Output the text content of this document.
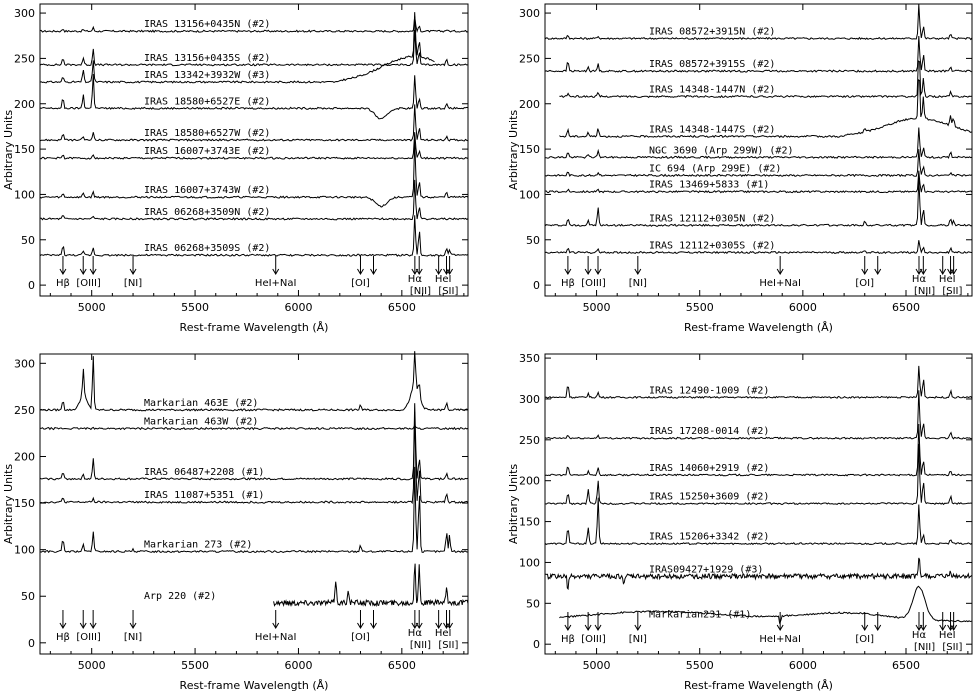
5000	5500	6000	6500
0
50
100
150
200
250
300
Rest-frame Wavelength (Å)
Arbitrary Units
IRAS 13156+0435N (#2)
IRAS 13156+0435S (#2)
IRAS 13342+3932W (#3)
IRAS 18580+6527E (#2)
IRAS 18580+6527W (#2)
IRAS 16007+3743E (#2)
IRAS 16007+3743W (#2)
IRAS 06268+3509N (#2)
IRAS 06268+3509S (#2)
Hβ [OIII] [NI]	HeI+NaI	[OI]	Hα
[NII]
HeI
[SII]
5000	5500	6000	6500
0
50
100
150
200
250
300
Rest-frame Wavelength (Å)
Arbitrary Units
IRAS 08572+3915N (#2)
IRAS 08572+3915S (#2)
IRAS 14348-1447N (#2)
IRAS 14348-1447S (#2)
NGC 3690 (Arp 299W) (#2)
IC 694 (Arp 299E) (#2)
IRAS 13469+5833 (#1)
IRAS 12112+0305N (#2)
IRAS 12112+0305S (#2)
Hβ [OIII] [NI]	HeI+NaI	[OI]	Hα
[NII]
HeI
[SII]
5000	5500	6000	6500
0
50
100
150
200
250
300
Rest-frame Wavelength (Å)
Arbitrary Units
Markarian 463E (#2)
Markarian 463W (#2)
IRAS 06487+2208 (#1)
IRAS 11087+5351 (#1)
Markarian 273 (#2)
Arp 220 (#2)
Hβ [OIII] [NI]	HeI+NaI	[OI]	Hα
[NII]
HeI
[SII]
5000	5500	6000	6500
0
50
100
150
200
250
300
350
Rest-frame Wavelength (Å)
Arbitrary Units
IRAS 12490-1009 (#2)
IRAS 17208-0014 (#2)
IRAS 14060+2919 (#2)
IRAS 15250+3609 (#2)
IRAS 15206+3342 (#2)
IRAS09427+1929 (#3)
Markarian231 (#1)
Hβ [OIII] [NI]	HeI+NaI	[OI]	Hα
[NII]
HeI
[SII]
